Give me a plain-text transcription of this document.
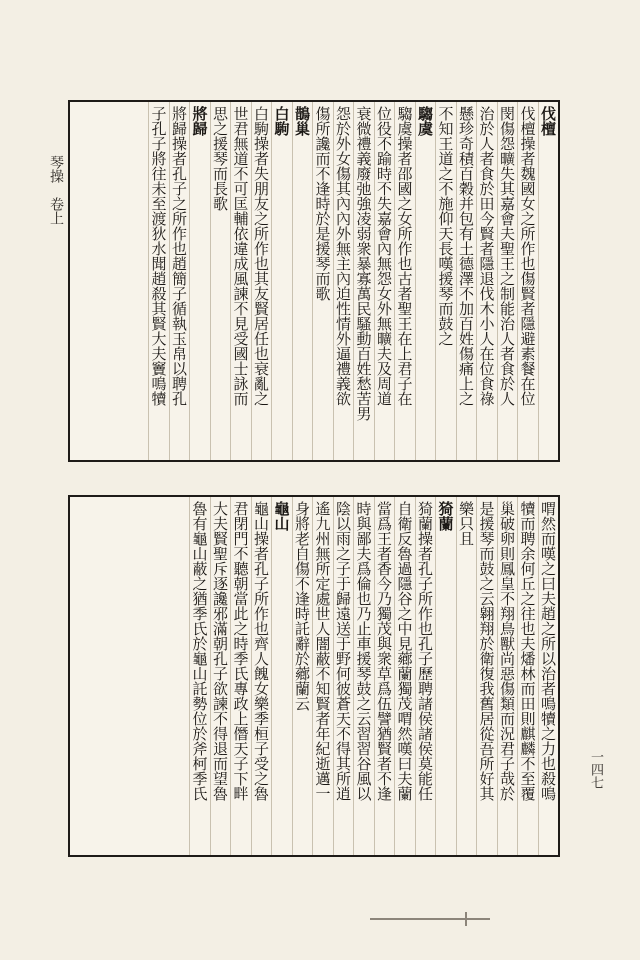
琴操　卷上
一四七
伐檀
伐檀操者魏國女之所作也傷賢者隱避素餐在位
閔傷怨曠失其嘉會夫聖王之制能治人者食於人
治於人者食於田今賢者隱退伐木小人在位食祿
懸珍奇積百穀并包有土德澤不加百姓傷痛上之
不知王道之不施仰天長嘆援琴而鼓之
騶虞
騶虞操者邵國之女所作也古者聖王在上君子在
位役不踰時不失嘉會內無怨女外無曠夫及周道
衰微禮義廢弛強凌弱衆暴寡萬民騷動百姓愁苦男
怨於外女傷其內內外無主內迫性情外逼禮義欲
傷所讒而不逢時於是援琴而歌
鵲巢
白駒
白駒操者失朋友之所作也其友賢居任也衰亂之
世君無道不可匡輔依違成風諫不見受國士詠而
思之援琴而長歌
將歸
將歸操者孔子之所作也趙簡子循執玉帛以聘孔
子孔子將往未至渡狄水聞趙殺其賢大夫竇鳴犢
喟然而嘆之曰夫趙之所以治者鳴犢之力也殺鳴
犢而聘余何丘之往也夫燔林而田則麒麟不至覆
巢破卵則鳳皇不翔鳥獸尚惡傷類而況君子哉於
是援琴而鼓之云翱翔於衛復我舊居從吾所好其
樂只且
猗蘭
猗蘭操者孔子所作也孔子歷聘諸侯諸侯莫能任
自衛反魯過隱谷之中見薌蘭獨茂喟然嘆曰夫蘭
當爲王者香今乃獨茂與衆草爲伍譬猶賢者不逢
時與鄙夫爲倫也乃止車援琴鼓之云習習谷風以
陰以雨之子于歸遠送于野何彼蒼天不得其所逍
遙九州無所定處世人闇蔽不知賢者年紀逝邁一
身將老自傷不逢時託辭於薌蘭云
龜山
龜山操者孔子所作也齊人餽女樂季桓子受之魯
君閉門不聽朝當此之時季氏專政上僭天子下畔
大夫賢聖斥逐讒邪滿朝孔子欲諫不得退而望魯
魯有龜山蔽之猶季氏於龜山託勢位於斧柯季氏
